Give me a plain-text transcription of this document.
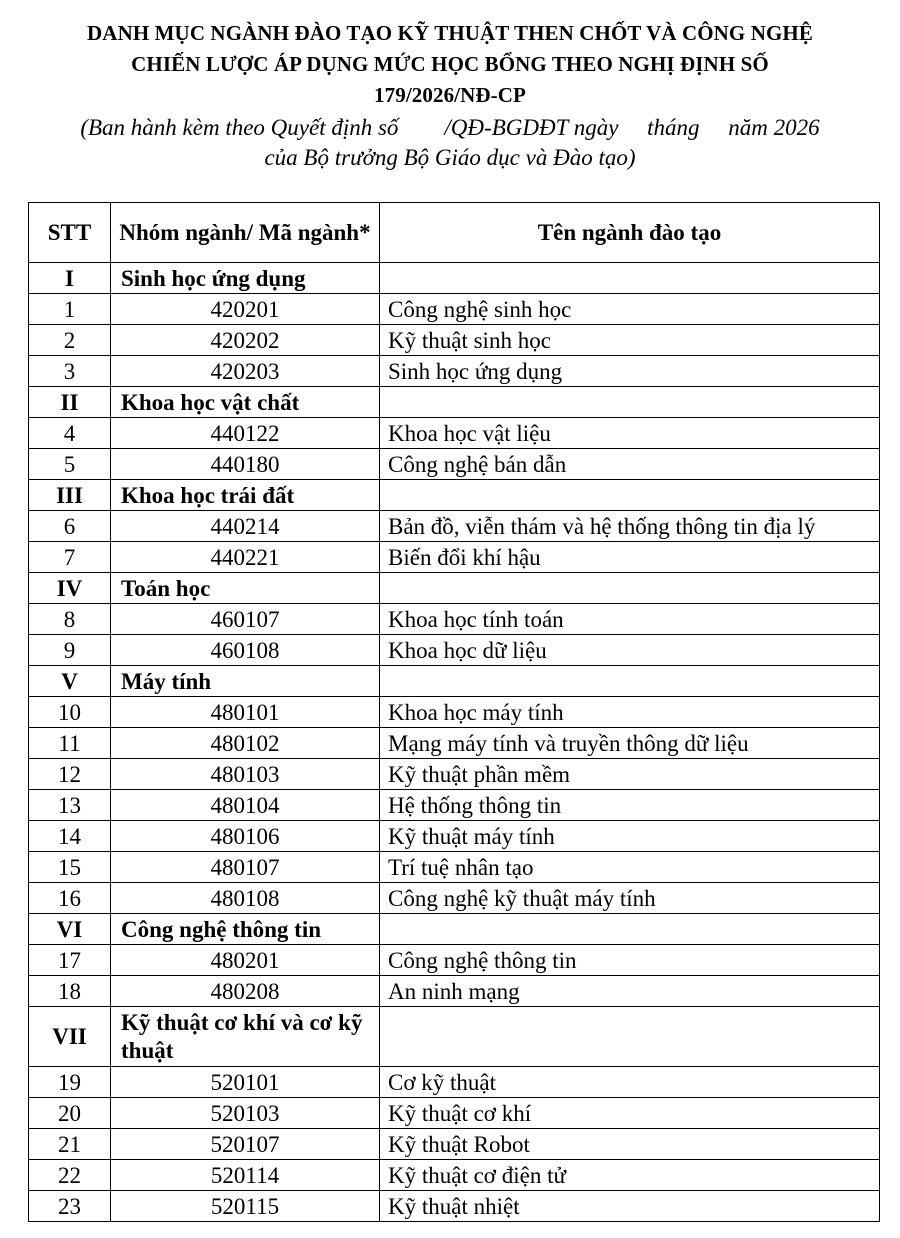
DANH MỤC NGÀNH ĐÀO TẠO KỸ THUẬT THEN CHỐT VÀ CÔNG NGHỆ
CHIẾN LƯỢC ÁP DỤNG MỨC HỌC BỔNG THEO NGHỊ ĐỊNH SỐ
179/2026/NĐ-CP
(Ban hành kèm theo Quyết định số        /QĐ-BGDĐT ngày     tháng     năm 2026
của Bộ trưởng Bộ Giáo dục và Đào tạo)
STT	Nhóm ngành/ Mã ngành*	Tên ngành đào tạo
I	Sinh học ứng dụng	
1	420201	Công nghệ sinh học
2	420202	Kỹ thuật sinh học
3	420203	Sinh học ứng dụng
II	Khoa học vật chất	
4	440122	Khoa học vật liệu
5	440180	Công nghệ bán dẫn
III	Khoa học trái đất	
6	440214	Bản đồ, viễn thám và hệ thống thông tin địa lý
7	440221	Biến đổi khí hậu
IV	Toán học	
8	460107	Khoa học tính toán
9	460108	Khoa học dữ liệu
V	Máy tính	
10	480101	Khoa học máy tính
11	480102	Mạng máy tính và truyền thông dữ liệu
12	480103	Kỹ thuật phần mềm
13	480104	Hệ thống thông tin
14	480106	Kỹ thuật máy tính
15	480107	Trí tuệ nhân tạo
16	480108	Công nghệ kỹ thuật máy tính
VI	Công nghệ thông tin	
17	480201	Công nghệ thông tin
18	480208	An ninh mạng
VII	Kỹ thuật cơ khí và cơ kỹ thuật	
19	520101	Cơ kỹ thuật
20	520103	Kỹ thuật cơ khí
21	520107	Kỹ thuật Robot
22	520114	Kỹ thuật cơ điện tử
23	520115	Kỹ thuật nhiệt
